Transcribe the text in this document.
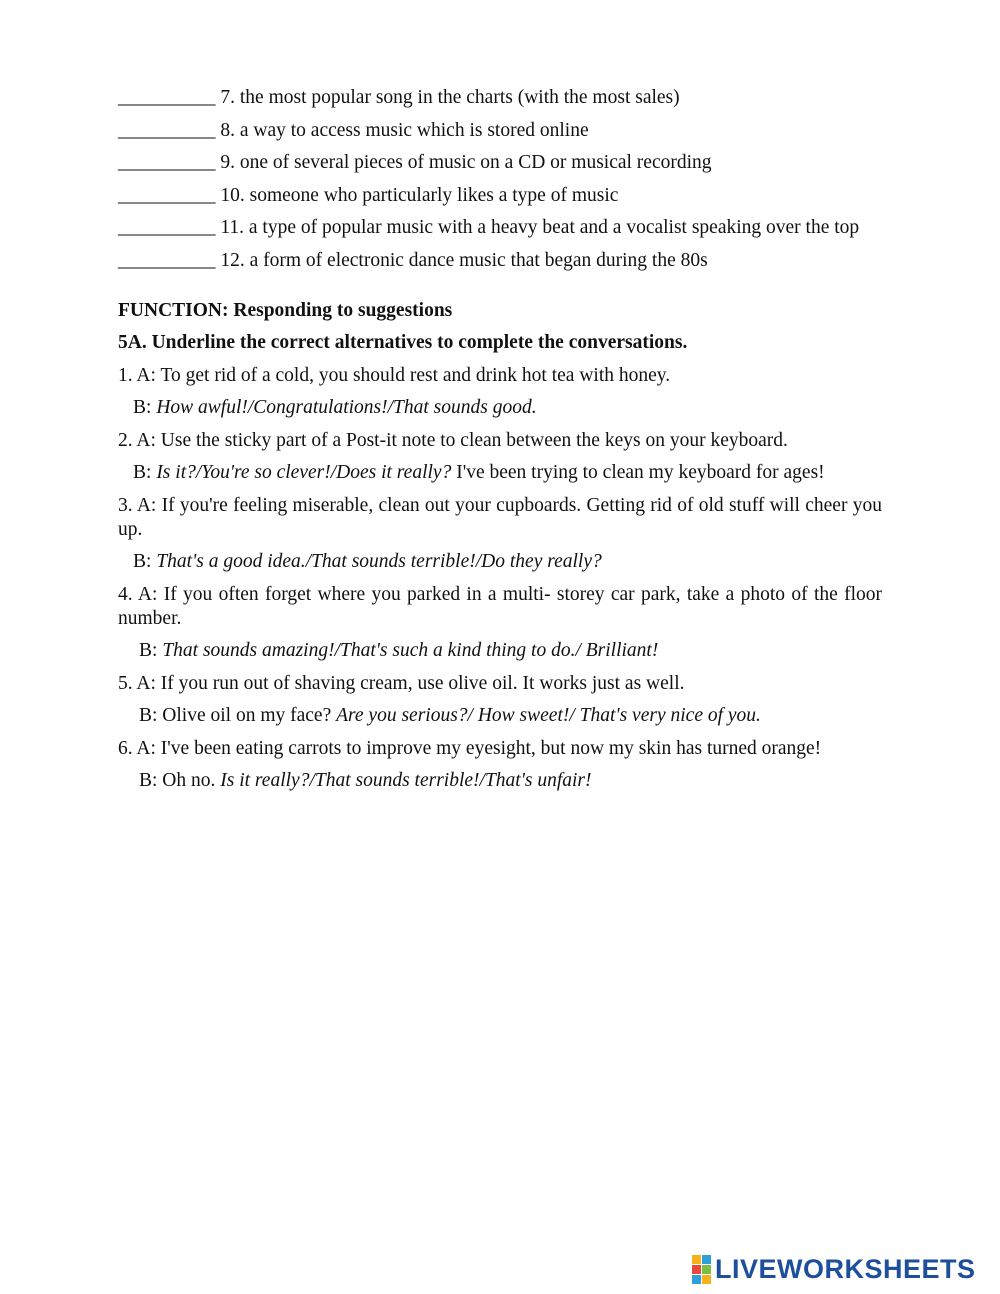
__________ 7. the most popular song in the charts (with the most sales)

__________ 8. a way to access music which is stored online

__________ 9. one of several pieces of music on a CD or musical recording

__________ 10. someone who particularly likes a type of music

__________ 11. a type of popular music with a heavy beat and a vocalist speaking over the top

__________ 12. a form of electronic dance music that began during the 80s

FUNCTION: Responding to suggestions

5A. Underline the correct alternatives to complete the conversations.

1. A: To get rid of a cold, you should rest and drink hot tea with honey.

B: How awful!/Congratulations!/That sounds good.

2. A: Use the sticky part of a Post-it note to clean between the keys on your keyboard.

B: Is it?/You're so clever!/Does it really? I've been trying to clean my keyboard for ages!

3. A: If you're feeling miserable, clean out your cupboards. Getting rid of old stuff will cheer you up.

B: That's a good idea./That sounds terrible!/Do they really?

4. A: If you often forget where you parked in a multi- storey car park, take a photo of the floor number.

B: That sounds amazing!/That's such a kind thing to do./ Brilliant!

5. A: If you run out of shaving cream, use olive oil. It works just as well.

B: Olive oil on my face? Are you serious?/ How sweet!/ That's very nice of you.

6. A: I've been eating carrots to improve my eyesight, but now my skin has turned orange!

B: Oh no. Is it really?/That sounds terrible!/That's unfair!

LIVEWORKSHEETS
